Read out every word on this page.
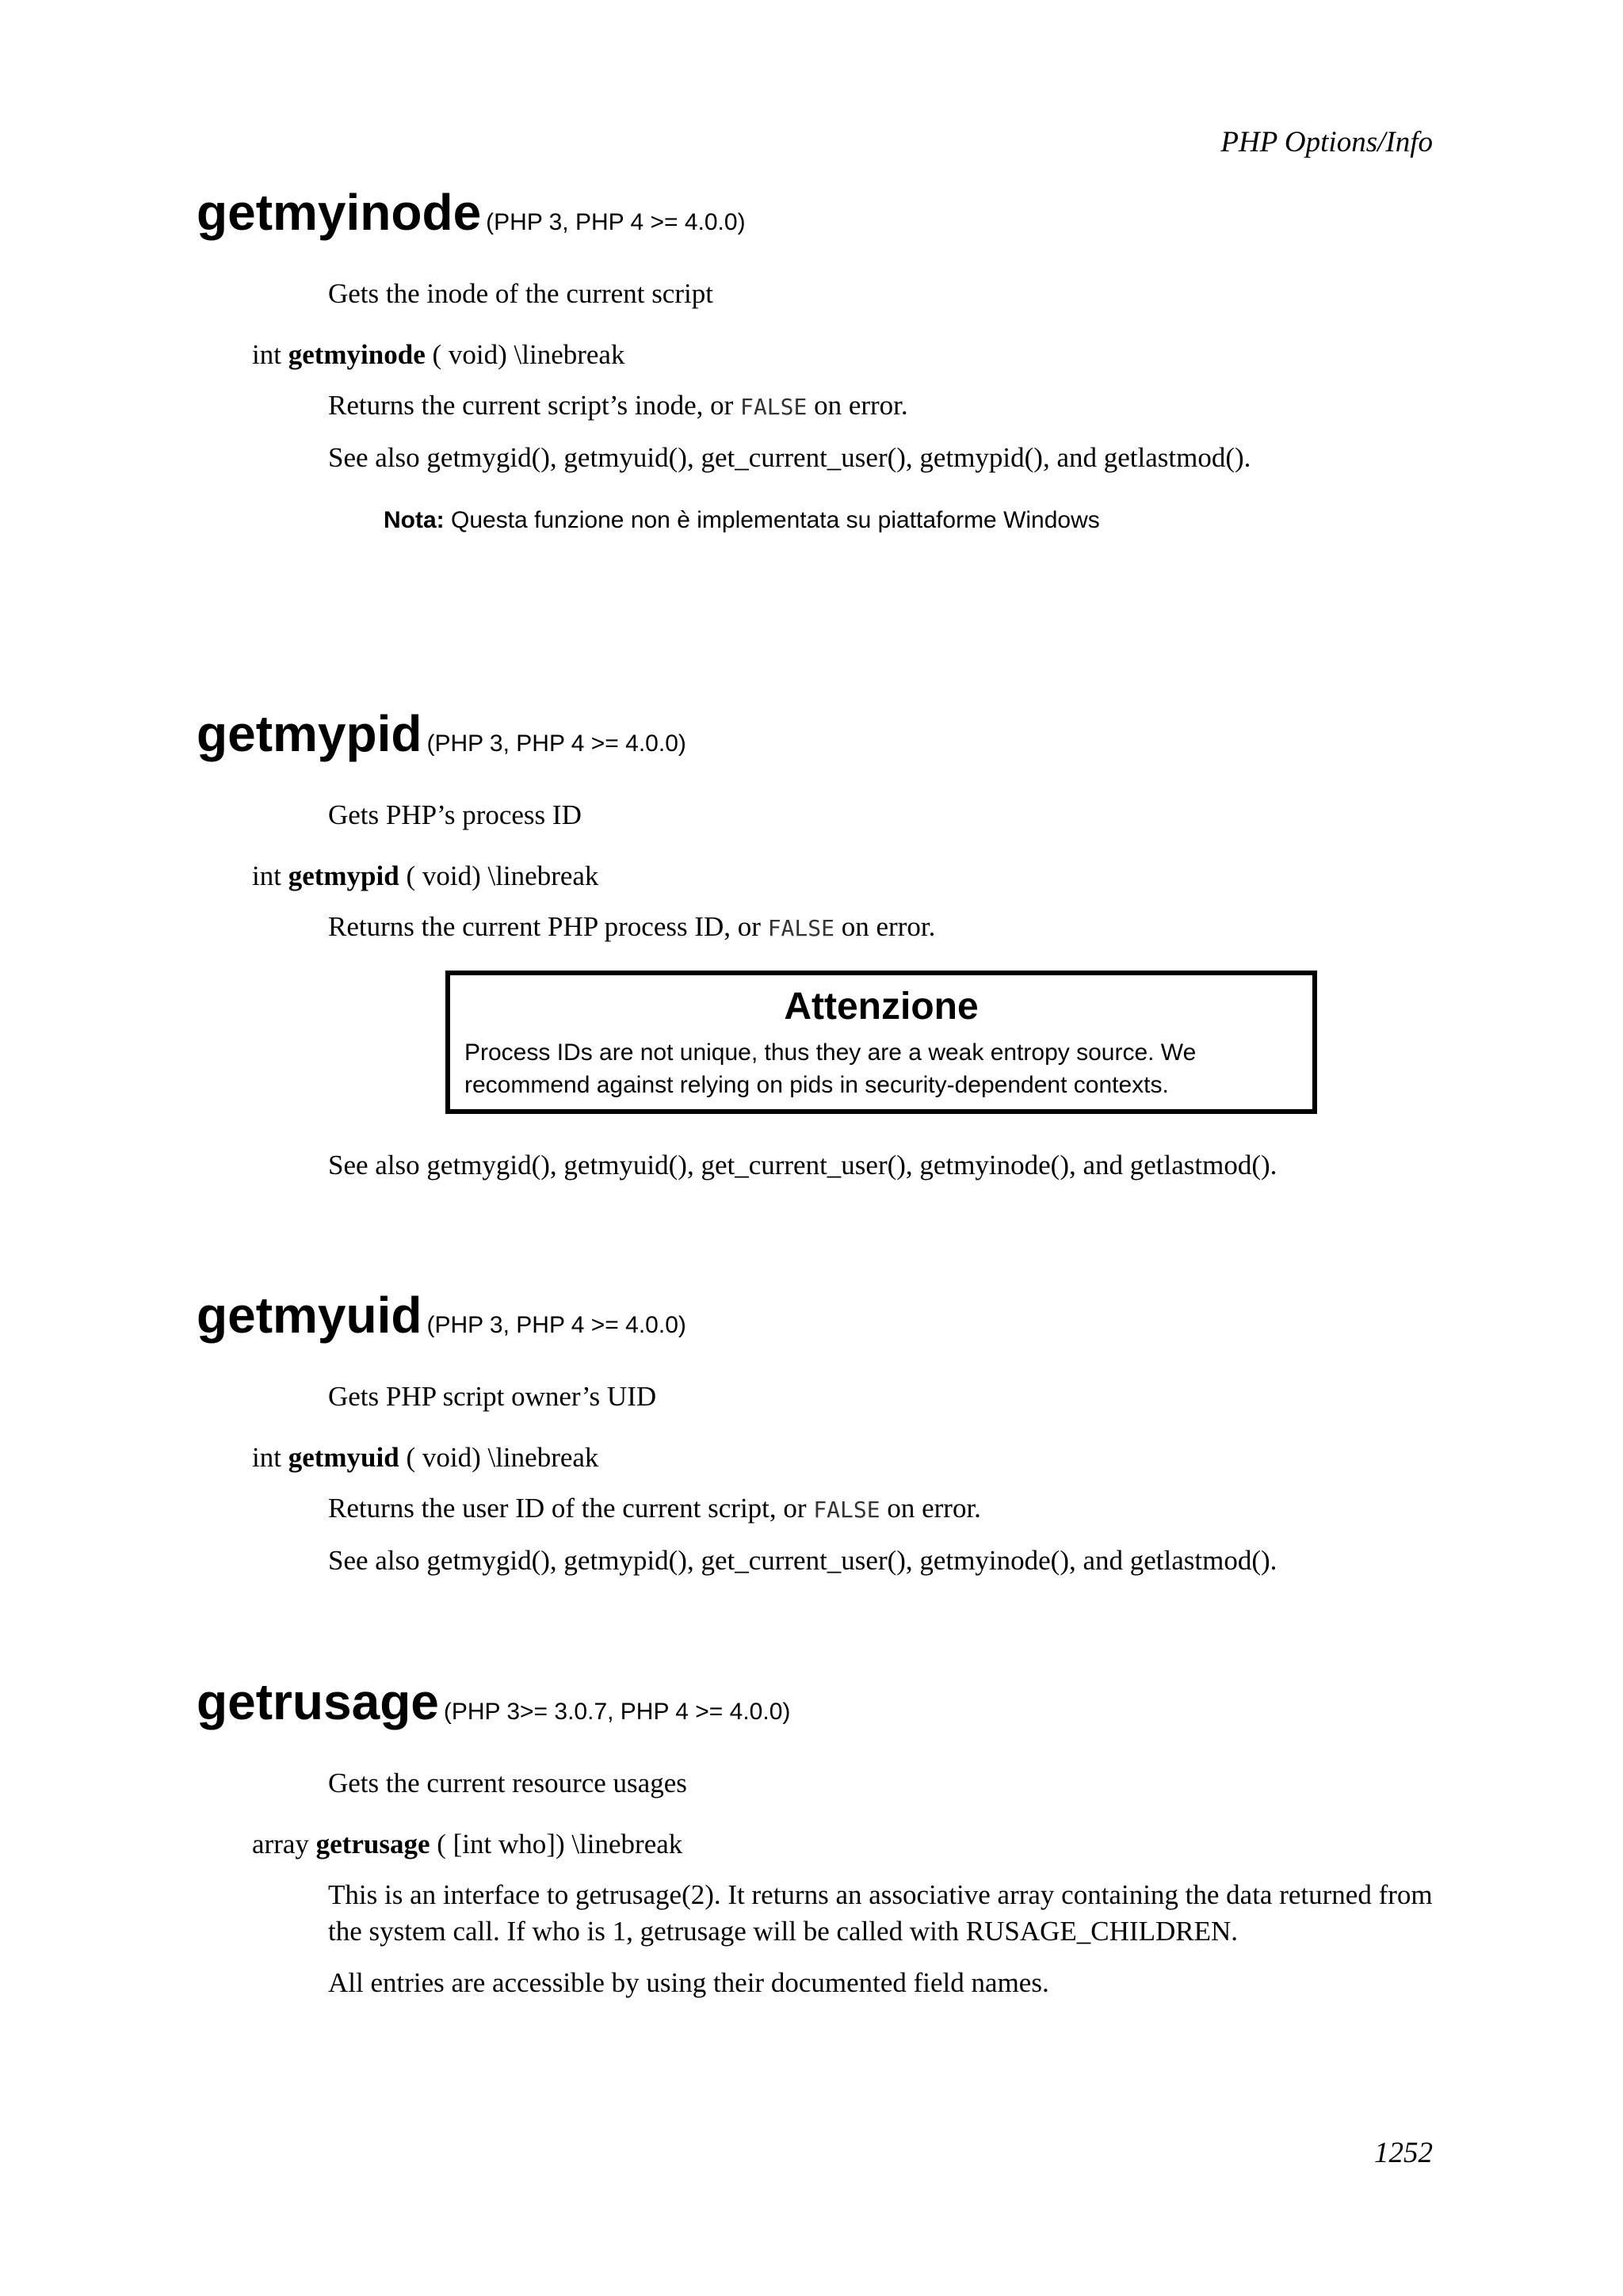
PHP Options/Info
getmyinode (PHP 3, PHP 4 >= 4.0.0)
Gets the inode of the current script
int getmyinode ( void) \linebreak
Returns the current script’s inode, or FALSE on error.
See also getmygid(), getmyuid(), get_current_user(), getmypid(), and getlastmod().
Nota: Questa funzione non è implementata su piattaforme Windows
getmypid (PHP 3, PHP 4 >= 4.0.0)
Gets PHP’s process ID
int getmypid ( void) \linebreak
Returns the current PHP process ID, or FALSE on error.
Attenzione
Process IDs are not unique, thus they are a weak entropy source. We recommend against relying on pids in security-dependent contexts.
See also getmygid(), getmyuid(), get_current_user(), getmyinode(), and getlastmod().
getmyuid (PHP 3, PHP 4 >= 4.0.0)
Gets PHP script owner’s UID
int getmyuid ( void) \linebreak
Returns the user ID of the current script, or FALSE on error.
See also getmygid(), getmypid(), get_current_user(), getmyinode(), and getlastmod().
getrusage (PHP 3>= 3.0.7, PHP 4 >= 4.0.0)
Gets the current resource usages
array getrusage ( [int who]) \linebreak
This is an interface to getrusage(2). It returns an associative array containing the data returned from the system call. If who is 1, getrusage will be called with RUSAGE_CHILDREN.
All entries are accessible by using their documented field names.
1252
